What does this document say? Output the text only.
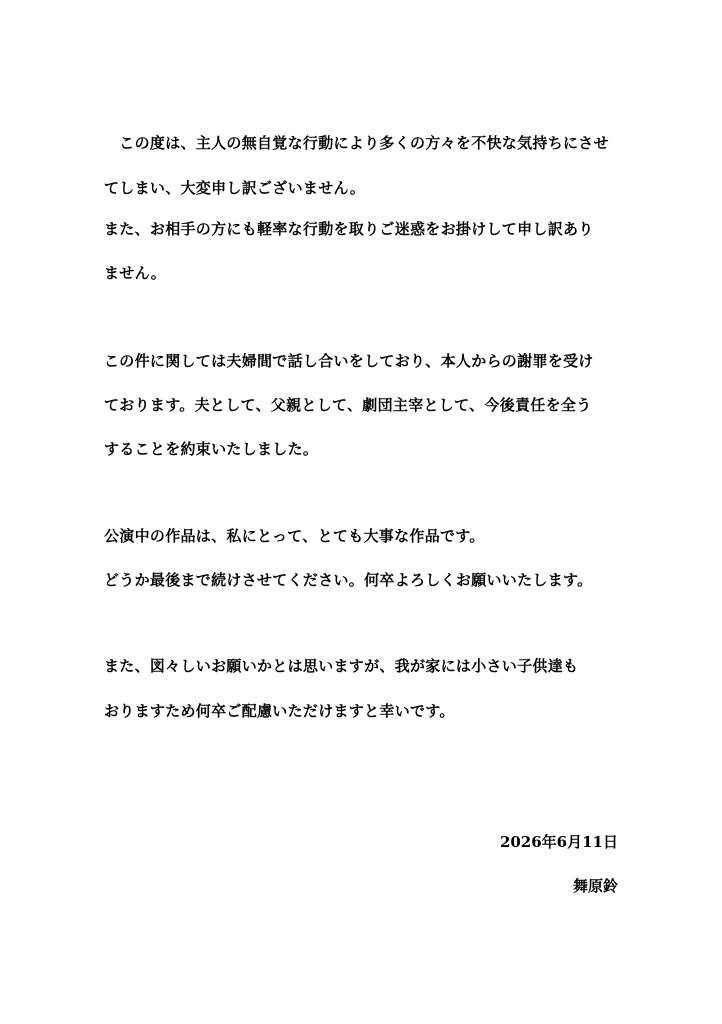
　この度は、主人の無自覚な行動により多くの方々を不快な気持ちにさせ
てしまい、大変申し訳ございません。
また、お相手の方にも軽率な行動を取りご迷惑をお掛けして申し訳あり
ません。
この件に関しては夫婦間で話し合いをしており、本人からの謝罪を受け
ております。夫として、父親として、劇団主宰として、今後責任を全う
することを約束いたしました。
公演中の作品は、私にとって、とても大事な作品です。
どうか最後まで続けさせてください。何卒よろしくお願いいたします。
また、図々しいお願いかとは思いますが、我が家には小さい子供達も
おりますため何卒ご配慮いただけますと幸いです。
2026年6月11日
舞原鈴
